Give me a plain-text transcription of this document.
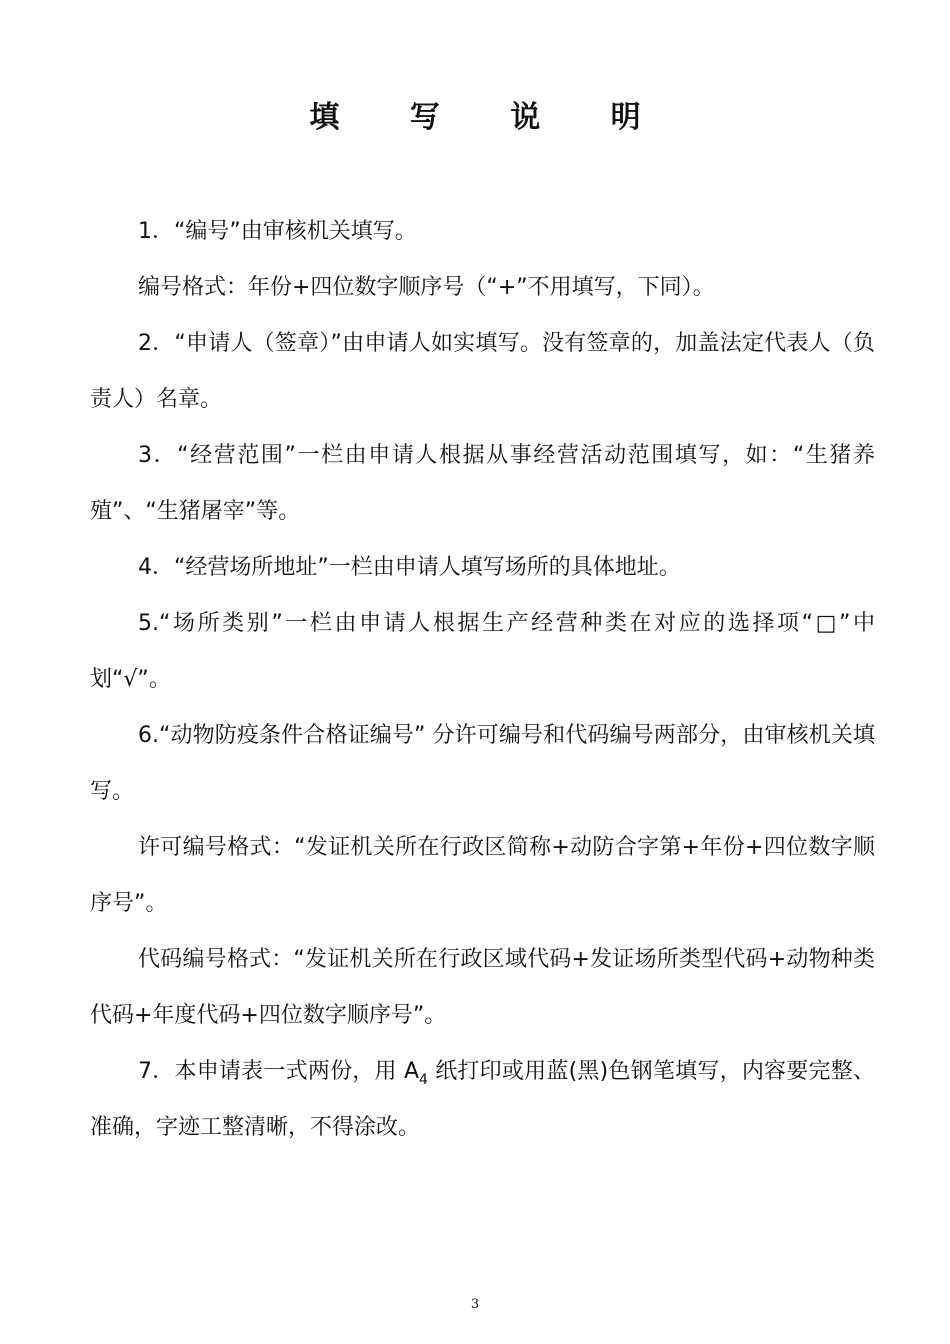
填 写 说 明

1．“编号”由审核机关填写。

编号格式：年份+四位数字顺序号（“+”不用填写，下同）。

2．“申请人（签章）”由申请人如实填写。没有签章的，加盖法定代表人（负责人）名章。

3．“经营范围”一栏由申请人根据从事经营活动范围填写，如：“生猪养殖”、“生猪屠宰”等。

4．“经营场所地址”一栏由申请人填写场所的具体地址。

5.“场所类别”一栏由申请人根据生产经营种类在对应的选择项“□”中划“√”。

6.“动物防疫条件合格证编号” 分许可编号和代码编号两部分，由审核机关填写。

许可编号格式：“发证机关所在行政区简称+动防合字第+年份+四位数字顺序号”。

代码编号格式：“发证机关所在行政区域代码+发证场所类型代码+动物种类代码+年度代码+四位数字顺序号”。

7．本申请表一式两份，用 $A_4$ 纸打印或用蓝(黑)色钢笔填写，内容要完整、准确，字迹工整清晰，不得涂改。

3
